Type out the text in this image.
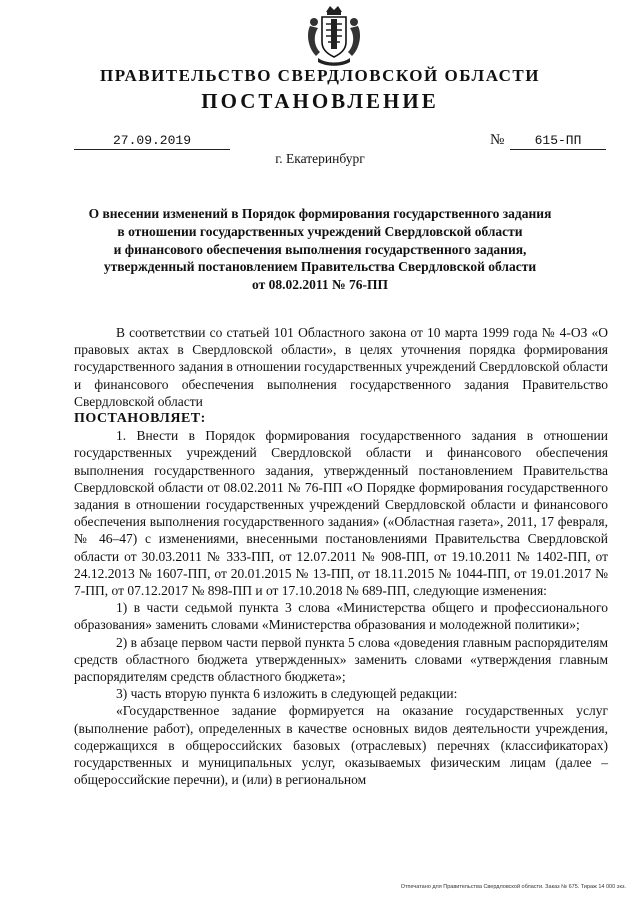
ПРАВИТЕЛЬСТВО СВЕРДЛОВСКОЙ ОБЛАСТИ
ПОСТАНОВЛЕНИЕ
27.09.2019	№	615-ПП
г. Екатеринбург
О внесении изменений в Порядок формирования государственного задания
в отношении государственных учреждений Свердловской области
и финансового обеспечения выполнения государственного задания,
утвержденный постановлением Правительства Свердловской области
от 08.02.2011 № 76-ПП

В соответствии со статьей 101 Областного закона от 10 марта 1999 года № 4-ОЗ «О правовых актах в Свердловской области», в целях уточнения порядка формирования государственного задания в отношении государственных учреждений Свердловской области и финансового обеспечения выполнения государственного задания Правительство Свердловской области

ПОСТАНОВЛЯЕТ:

1. Внести в Порядок формирования государственного задания в отношении государственных учреждений Свердловской области и финансового обеспечения выполнения государственного задания, утвержденный постановлением Правительства Свердловской области от 08.02.2011 № 76-ПП «О Порядке формирования государственного задания в отношении государственных учреждений Свердловской области и финансового обеспечения выполнения государственного задания» («Областная газета», 2011, 17 февраля, № 46–47) с изменениями, внесенными постановлениями Правительства Свердловской области от 30.03.2011 № 333-ПП, от 12.07.2011 № 908-ПП, от 19.10.2011 № 1402-ПП, от 24.12.2013 № 1607-ПП, от 20.01.2015 № 13-ПП, от 18.11.2015 № 1044-ПП, от 19.01.2017 № 7-ПП, от 07.12.2017 № 898-ПП и от 17.10.2018 № 689-ПП, следующие изменения:

1) в части седьмой пункта 3 слова «Министерства общего и профессионального образования» заменить словами «Министерства образования и молодежной политики»;

2) в абзаце первом части первой пункта 5 слова «доведения главным распорядителям средств областного бюджета утвержденных» заменить словами «утверждения главным распорядителям средств областного бюджета»;

3) часть вторую пункта 6 изложить в следующей редакции:

«Государственное задание формируется на оказание государственных услуг (выполнение работ), определенных в качестве основных видов деятельности учреждения, содержащихся в общероссийских базовых (отраслевых) перечнях (классификаторах) государственных и муниципальных услуг, оказываемых физическим лицам (далее – общероссийские перечни), и (или) в региональном

Отпечатано для Правительства Свердловской области. Заказ № 675. Тираж 14 000 экз.
